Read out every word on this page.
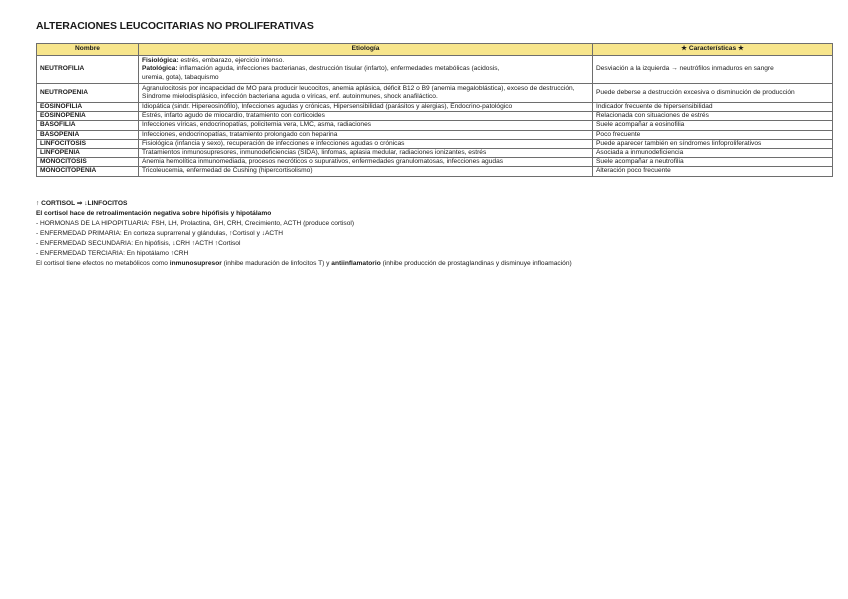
ALTERACIONES LEUCOCITARIAS NO PROLIFERATIVAS
Nombre	Etiología	★ Características ★
NEUTROFILIA	Fisiológica: estrés, embarazo, ejercicio intenso.
Patológica: inflamación aguda, infecciones bacterianas, destrucción tisular (infarto), enfermedades metabólicas (acidosis,
uremia, gota), tabaquismo	Desviación a la izquierda → neutrófilos inmaduros en sangre
NEUTROPENIA	Agranulocitosis por incapacidad de MO para producir leucocitos, anemia aplásica, déficit B12 o B9 (anemia megaloblástica), exceso de destrucción, Síndrome mielodisplásico, infección bacteriana aguda o víricas, enf. autoinmunes, shock anafiláctico.	Puede deberse a destrucción excesiva o disminución de producción
EOSINOFILIA	Idiopática (sindr. Hipereosinófilo), Infecciones agudas y crónicas, Hipersensibilidad (parásitos y alergias), Endocrino-patológico	Indicador frecuente de hipersensibilidad
EOSINOPENIA	Estrés, infarto agudo de miocardio, tratamiento con corticoides	Relacionada con situaciones de estrés
BASOFILIA	Infecciones víricas, endocrinopatías, policitemia vera, LMC, asma, radiaciones	Suele acompañar a eosinofilia
BASOPENIA	Infecciones, endocrinopatías, tratamiento prolongado con heparina	Poco frecuente
LINFOCITOSIS	Fisiológica (infancia y sexo), recuperación de infecciones e infecciones agudas o crónicas	Puede aparecer también en síndromes linfoproliferativos
LINFOPENIA	Tratamientos inmunosupresores, inmunodeficiencias (SIDA), linfomas, aplasia medular, radiaciones ionizantes, estrés	Asociada a inmunodeficiencia
MONOCITOSIS	Anemia hemolítica inmunomediada, procesos necróticos o supurativos, enfermedades granulomatosas, infecciones agudas	Suele acompañar a neutrofilia
MONOCITOPENIA	Tricoleucemia, enfermedad de Cushing (hipercortisolismo)	Alteración poco frecuente
↑ CORTISOL ⇒ ↓LINFOCITOS
El cortisol hace de retroalimentación negativa sobre hipófisis y hipotálamo
- HORMONAS DE LA HIPOPITUARIA: FSH, LH, Prolactina, GH, CRH, Crecimiento, ACTH (produce cortisol)
- ENFERMEDAD PRIMARIA: En corteza suprarrenal y glándulas, ↑Cortisol y ↓ACTH
- ENFERMEDAD SECUNDARIA: En hipófisis, ↓CRH ↑ACTH ↑Cortisol
- ENFERMEDAD TERCIARIA: En hipotálamo ↑CRH
El cortisol tiene efectos no metabólicos como inmunosupresor (inhibe maduración de linfocitos T) y antiinflamatorio (inhibe producción de prostaglandinas y disminuye infloamación)
